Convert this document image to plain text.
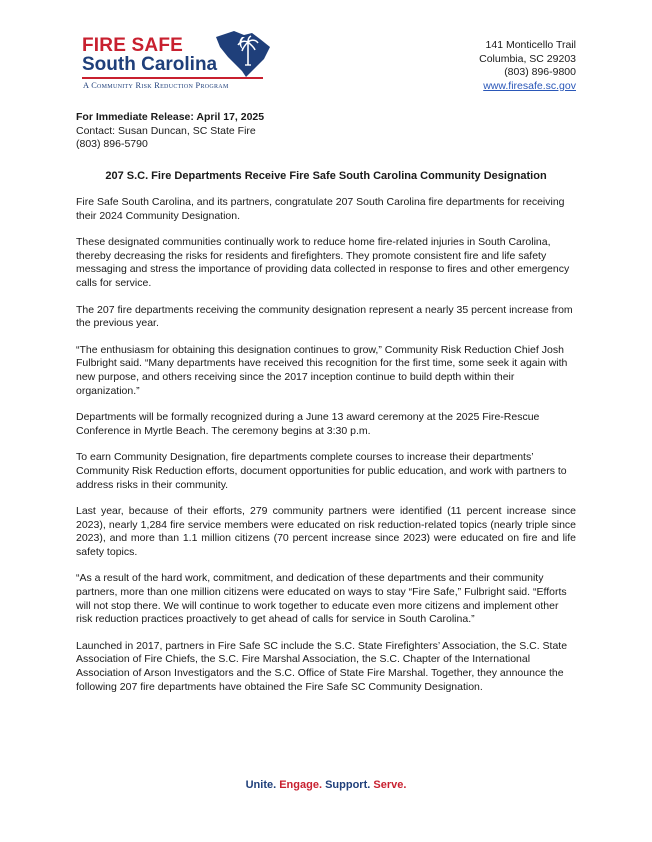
FIRE SAFE
South Carolina
A Community Risk Reduction Program
141 Monticello Trail
Columbia, SC 29203
(803) 896-9800
www.firesafe.sc.gov
For Immediate Release: April 17, 2025
Contact: Susan Duncan, SC State Fire
(803) 896-5790
207 S.C. Fire Departments Receive Fire Safe South Carolina Community Designation

Fire Safe South Carolina, and its partners, congratulate 207 South Carolina fire departments for receiving their 2024 Community Designation.

These designated communities continually work to reduce home fire-related injuries in South Carolina, thereby decreasing the risks for residents and firefighters. They promote consistent fire and life safety messaging and stress the importance of providing data collected in response to fires and other emergency calls for service.

The 207 fire departments receiving the community designation represent a nearly 35 percent increase from the previous year.

“The enthusiasm for obtaining this designation continues to grow,” Community Risk Reduction Chief Josh Fulbright said. “Many departments have received this recognition for the first time, some seek it again with new purpose, and others receiving since the 2017 inception continue to build depth within their organization.”

Departments will be formally recognized during a June 13 award ceremony at the 2025 Fire-Rescue Conference in Myrtle Beach. The ceremony begins at 3:30 p.m.

To earn Community Designation, fire departments complete courses to increase their departments’ Community Risk Reduction efforts, document opportunities for public education, and work with partners to address risks in their community.

Last year, because of their efforts, 279 community partners were identified (11 percent increase since 2023), nearly 1,284 fire service members were educated on risk reduction-related topics (nearly triple since 2023), and more than 1.1 million citizens (70 percent increase since 2023) were educated on fire and life safety topics.

“As a result of the hard work, commitment, and dedication of these departments and their community partners, more than one million citizens were educated on ways to stay “Fire Safe,” Fulbright said. “Efforts will not stop there. We will continue to work together to educate even more citizens and implement other risk reduction practices proactively to get ahead of calls for service in South Carolina.”

Launched in 2017, partners in Fire Safe SC include the S.C. State Firefighters’ Association, the S.C. State Association of Fire Chiefs, the S.C. Fire Marshal Association, the S.C. Chapter of the International Association of Arson Investigators and the S.C. Office of State Fire Marshal. Together, they announce the following 207 fire departments have obtained the Fire Safe SC Community Designation.

Unite. Engage. Support. Serve.
